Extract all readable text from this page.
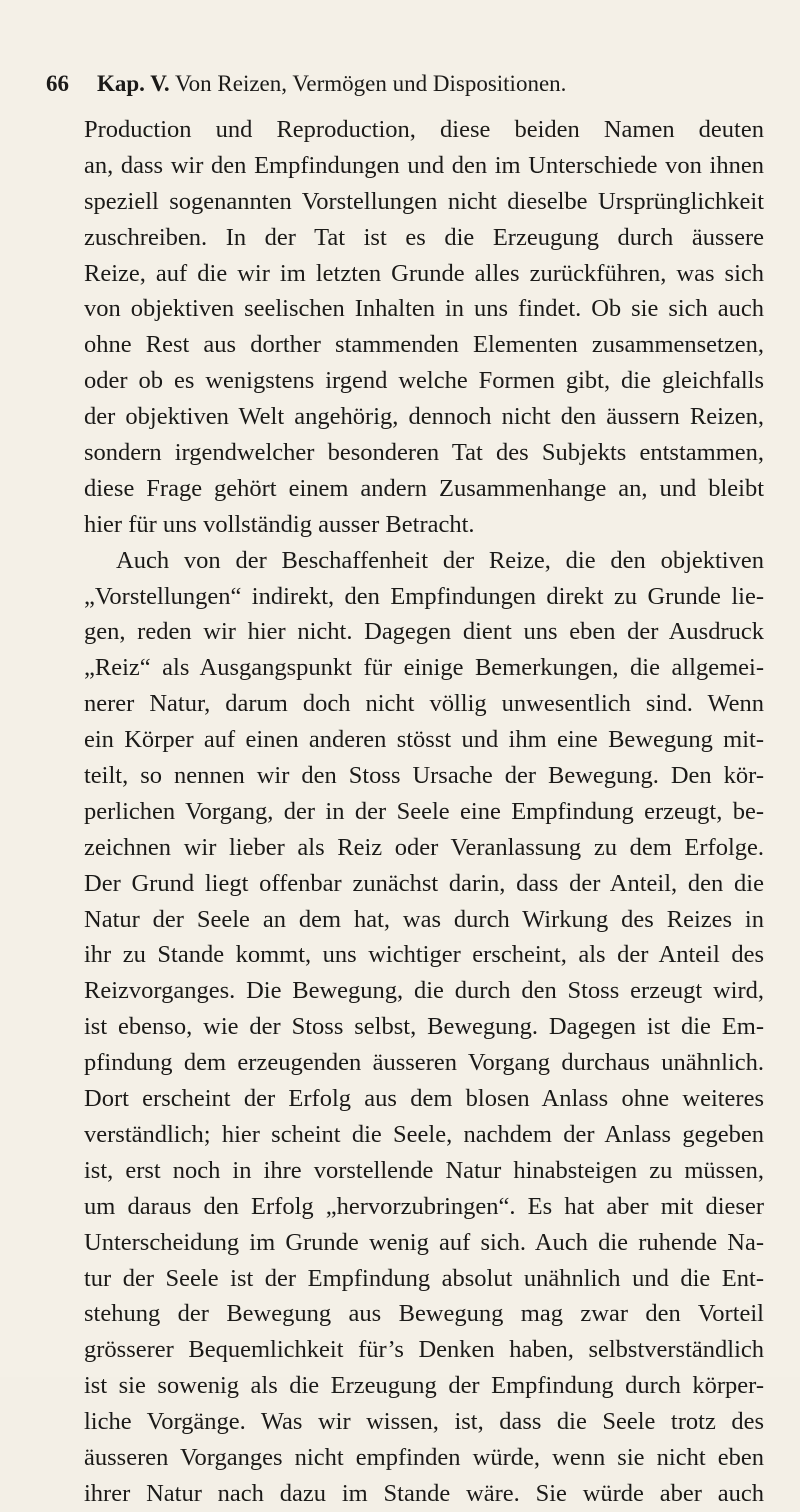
66 Kap. V. Von Reizen, Vermögen und Dispositionen.
Production und Reproduction, diese beiden Namen deuten
an, dass wir den Empfindungen und den im Unterschiede von ihnen
speziell sogenannten Vorstellungen nicht dieselbe Ursprünglichkeit
zuschreiben. In der Tat ist es die Erzeugung durch äussere
Reize, auf die wir im letzten Grunde alles zurückführen, was sich
von objektiven seelischen Inhalten in uns findet. Ob sie sich auch
ohne Rest aus dorther stammenden Elementen zusammensetzen,
oder ob es wenigstens irgend welche Formen gibt, die gleichfalls
der objektiven Welt angehörig, dennoch nicht den äussern Reizen,
sondern irgendwelcher besonderen Tat des Subjekts entstammen,
diese Frage gehört einem andern Zusammenhange an, und bleibt
hier für uns vollständig ausser Betracht.
Auch von der Beschaffenheit der Reize, die den objektiven
„Vorstellungen“ indirekt, den Empfindungen direkt zu Grunde lie-
gen, reden wir hier nicht. Dagegen dient uns eben der Ausdruck
„Reiz“ als Ausgangspunkt für einige Bemerkungen, die allgemei-
nerer Natur, darum doch nicht völlig unwesentlich sind. Wenn
ein Körper auf einen anderen stösst und ihm eine Bewegung mit-
teilt, so nennen wir den Stoss Ursache der Bewegung. Den kör-
perlichen Vorgang, der in der Seele eine Empfindung erzeugt, be-
zeichnen wir lieber als Reiz oder Veranlassung zu dem Erfolge.
Der Grund liegt offenbar zunächst darin, dass der Anteil, den die
Natur der Seele an dem hat, was durch Wirkung des Reizes in
ihr zu Stande kommt, uns wichtiger erscheint, als der Anteil des
Reizvorganges. Die Bewegung, die durch den Stoss erzeugt wird,
ist ebenso, wie der Stoss selbst, Bewegung. Dagegen ist die Em-
pfindung dem erzeugenden äusseren Vorgang durchaus unähnlich.
Dort erscheint der Erfolg aus dem blosen Anlass ohne weiteres
verständlich; hier scheint die Seele, nachdem der Anlass gegeben
ist, erst noch in ihre vorstellende Natur hinabsteigen zu müssen,
um daraus den Erfolg „hervorzubringen“. Es hat aber mit dieser
Unterscheidung im Grunde wenig auf sich. Auch die ruhende Na-
tur der Seele ist der Empfindung absolut unähnlich und die Ent-
stehung der Bewegung aus Bewegung mag zwar den Vorteil
grösserer Bequemlichkeit für’s Denken haben, selbstverständlich
ist sie sowenig als die Erzeugung der Empfindung durch körper-
liche Vorgänge. Was wir wissen, ist, dass die Seele trotz des
äusseren Vorganges nicht empfinden würde, wenn sie nicht eben
ihrer Natur nach dazu im Stande wäre. Sie würde aber auch
